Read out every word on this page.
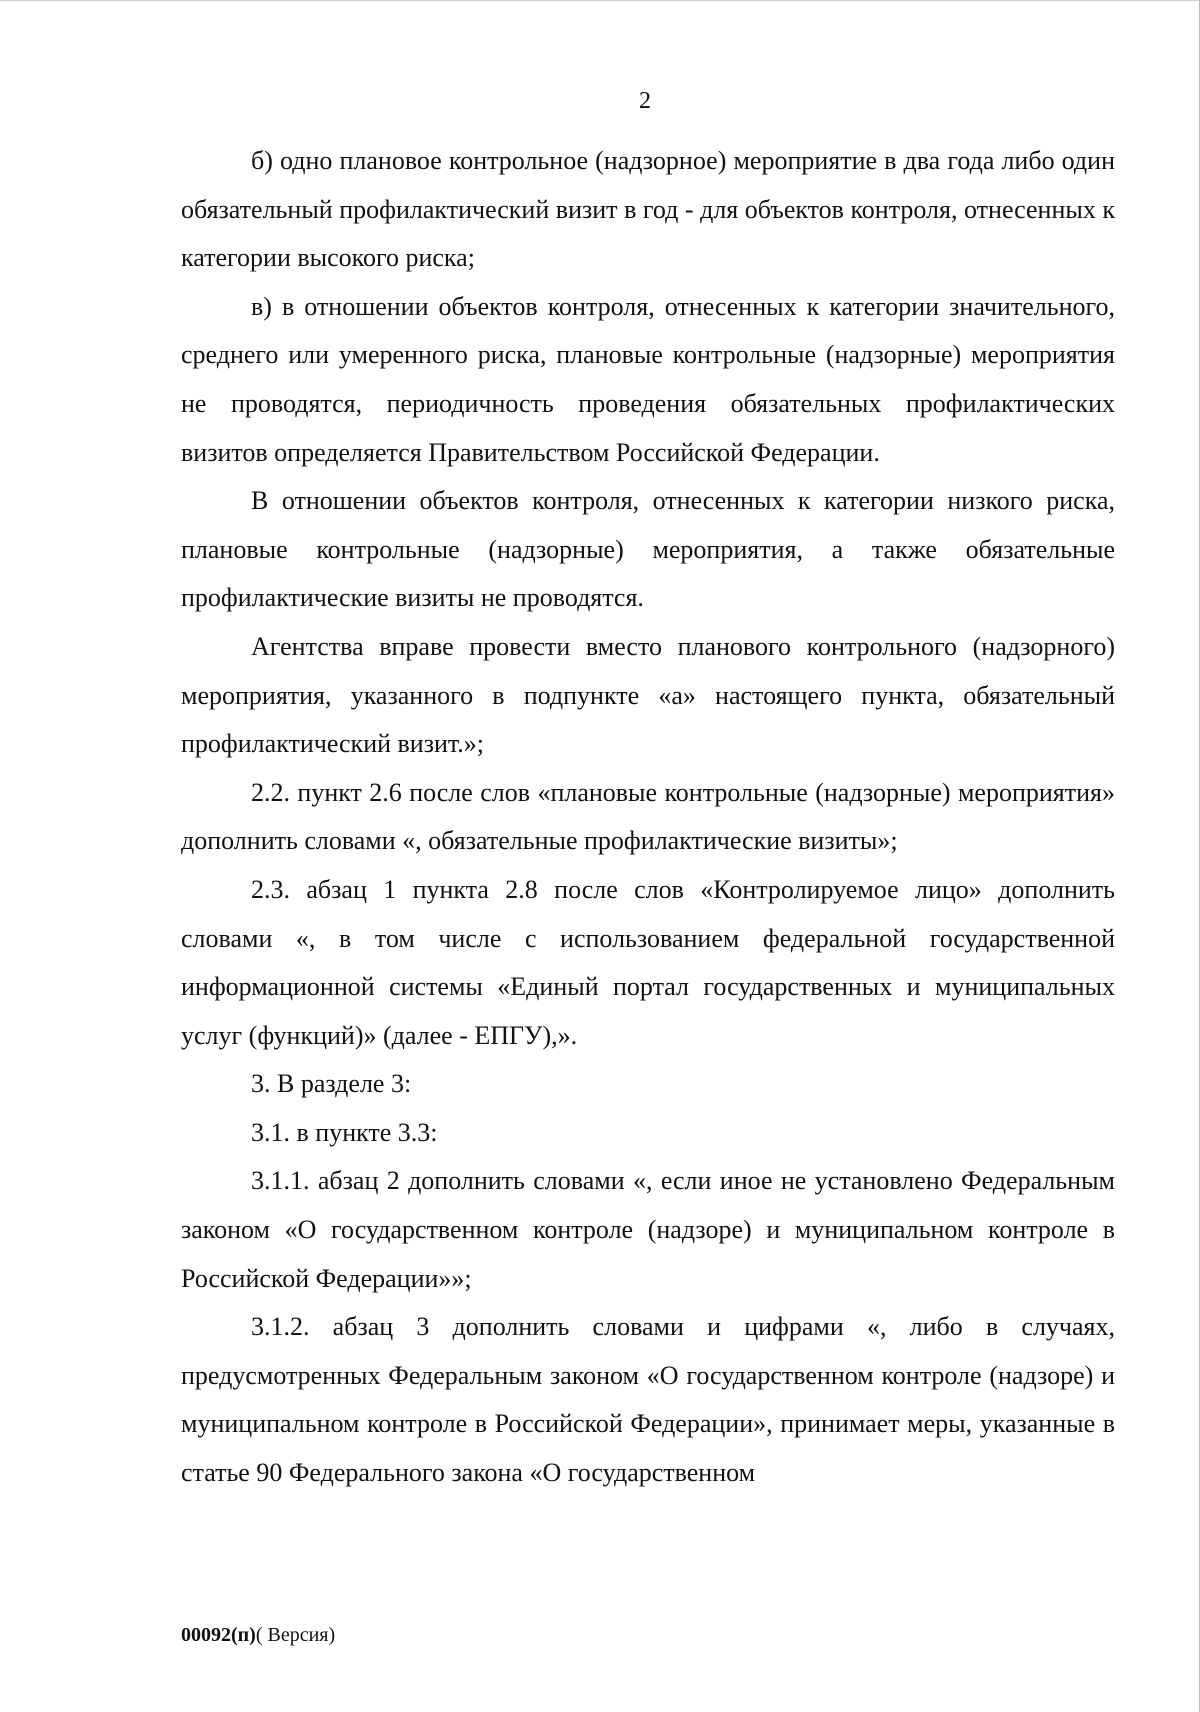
2

б) одно плановое контрольное (надзорное) мероприятие в два года либо один обязательный профилактический визит в год - для объектов контроля, отнесенных к категории высокого риска;

в) в отношении объектов контроля, отнесенных к категории значительного, среднего или умеренного риска, плановые контрольные (надзорные) мероприятия не проводятся, периодичность проведения обязательных профилактических визитов определяется Правительством Российской Федерации.

В отношении объектов контроля, отнесенных к категории низкого риска, плановые контрольные (надзорные) мероприятия, а также обязательные профилактические визиты не проводятся.

Агентства вправе провести вместо планового контрольного (надзорного) мероприятия, указанного в подпункте «а» настоящего пункта, обязательный профилактический визит.»;

2.2. пункт 2.6 после слов «плановые контрольные (надзорные) мероприятия» дополнить словами «, обязательные профилактические визиты»;

2.3. абзац 1 пункта 2.8 после слов «Контролируемое лицо» дополнить словами «, в том числе с использованием федеральной государственной информационной системы «Единый портал государственных и муниципальных услуг (функций)» (далее - ЕПГУ),».

3. В разделе 3:

3.1. в пункте 3.3:

3.1.1. абзац 2 дополнить словами «, если иное не установлено Федеральным законом «О государственном контроле (надзоре) и муниципальном контроле в Российской Федерации»»;

3.1.2. абзац 3 дополнить словами и цифрами «, либо в случаях, предусмотренных Федеральным законом «О государственном контроле (надзоре) и муниципальном контроле в Российской Федерации», принимает меры, указанные в статье 90 Федерального закона «О государственном

00092(п)( Версия)
